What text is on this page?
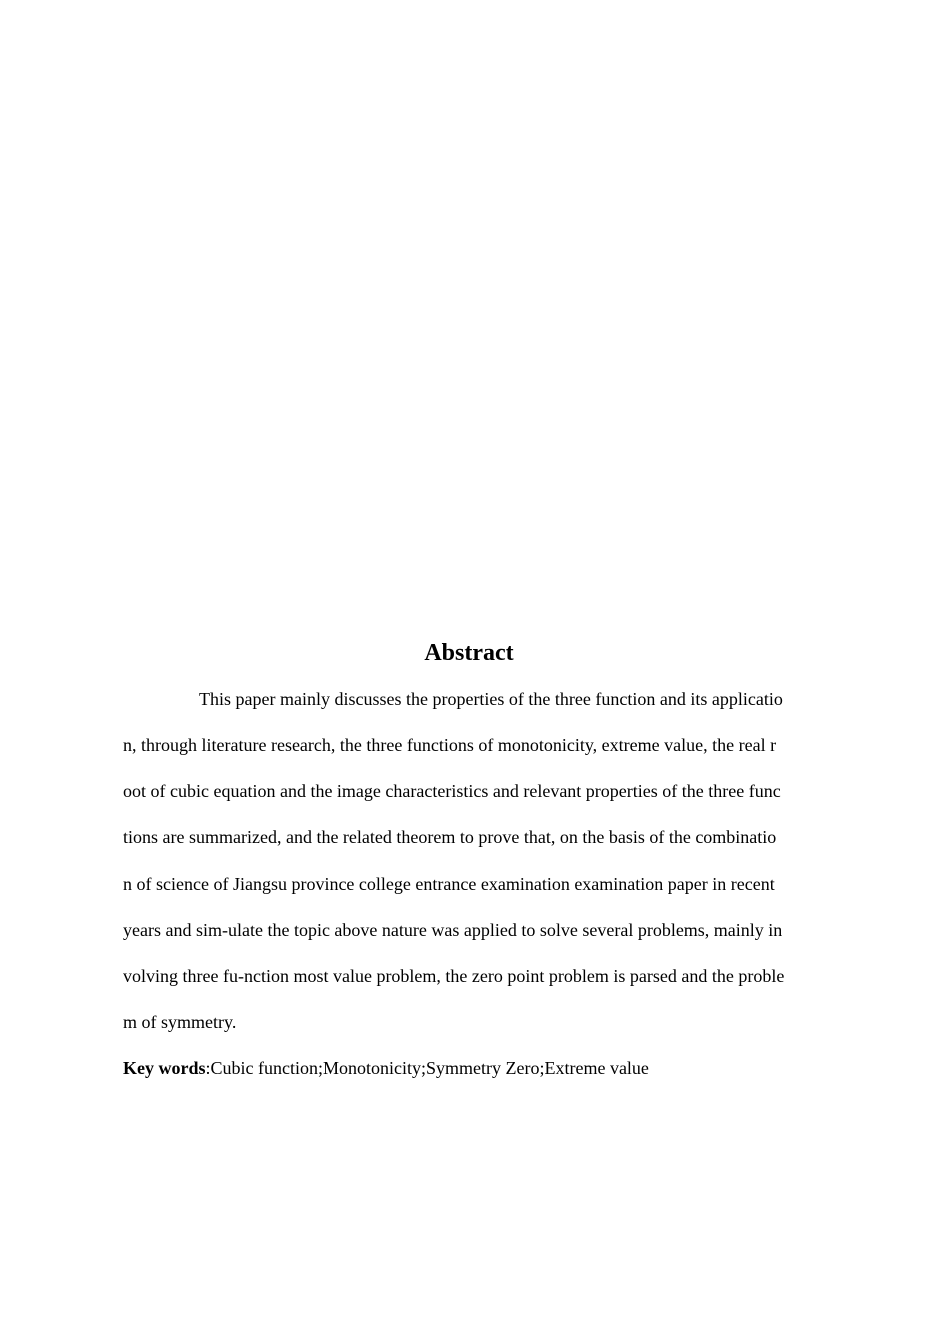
Abstract

This paper mainly discusses the properties of the three function and its applicatio

n, through literature research, the three functions of monotonicity, extreme value, the real r

oot of cubic equation and the image characteristics and relevant properties of the three func

tions are summarized, and the related theorem to prove that, on the basis of the combinatio

n of science of Jiangsu province college entrance examination examination paper in recent

years and sim-ulate the topic above nature was applied to solve several problems, mainly in

volving three fu-nction most value problem, the zero point problem is parsed and the proble

m of symmetry.

Key words:Cubic function;Monotonicity;Symmetry Zero;Extreme value
